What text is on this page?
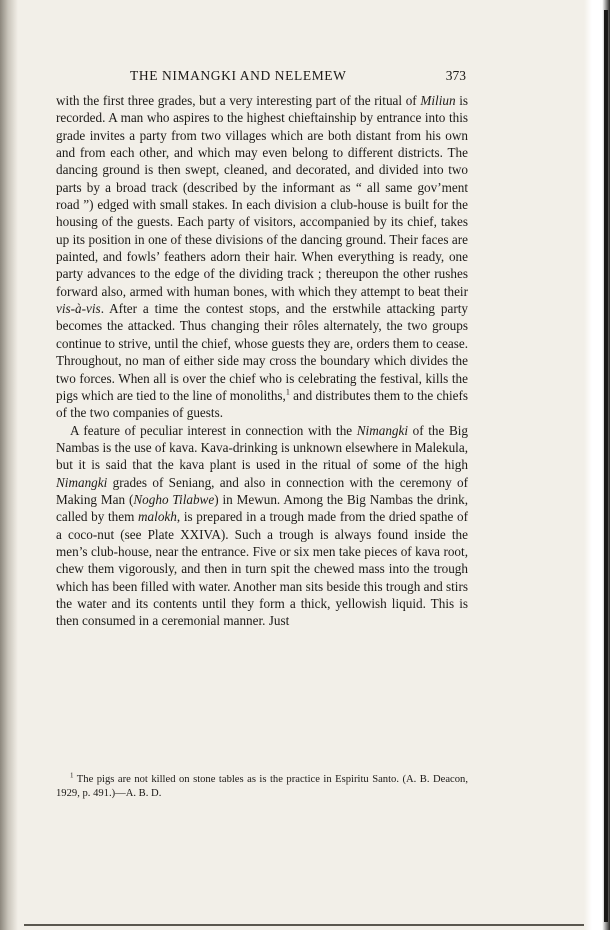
THE NIMANGKI AND NELEMEW	373

with the first three grades, but a very interesting part of the ritual of Miliun is recorded. A man who aspires to the highest chieftainship by entrance into this grade invites a party from two villages which are both distant from his own and from each other, and which may even belong to different districts. The dancing ground is then swept, cleaned, and decorated, and divided into two parts by a broad track (described by the informant as “ all same gov’ment road ”) edged with small stakes. In each division a club-house is built for the housing of the guests. Each party of visitors, accompanied by its chief, takes up its position in one of these divisions of the dancing ground. Their faces are painted, and fowls’ feathers adorn their hair. When everything is ready, one party advances to the edge of the dividing track ; thereupon the other rushes forward also, armed with human bones, with which they attempt to beat their vis-à-vis. After a time the contest stops, and the erstwhile attacking party becomes the attacked. Thus changing their rôles alternately, the two groups continue to strive, until the chief, whose guests they are, orders them to cease. Throughout, no man of either side may cross the boundary which divides the two forces. When all is over the chief who is celebrating the festival, kills the pigs which are tied to the line of monoliths,$^1$ and distributes them to the chiefs of the two companies of guests.

A feature of peculiar interest in connection with the Nimangki of the Big Nambas is the use of kava. Kava-drinking is unknown elsewhere in Malekula, but it is said that the kava plant is used in the ritual of some of the high Nimangki grades of Seniang, and also in connection with the ceremony of Making Man (Nogho Tilabwe) in Mewun. Among the Big Nambas the drink, called by them malokh, is prepared in a trough made from the dried spathe of a coco-nut (see Plate XXIVA). Such a trough is always found inside the men’s club-house, near the entrance. Five or six men take pieces of kava root, chew them vigorously, and then in turn spit the chewed mass into the trough which has been filled with water. Another man sits beside this trough and stirs the water and its contents until they form a thick, yellowish liquid. This is then consumed in a ceremonial manner. Just

$^1$ The pigs are not killed on stone tables as is the practice in Espiritu Santo. (A. B. Deacon, 1929, p. 491.)—A. B. D.
